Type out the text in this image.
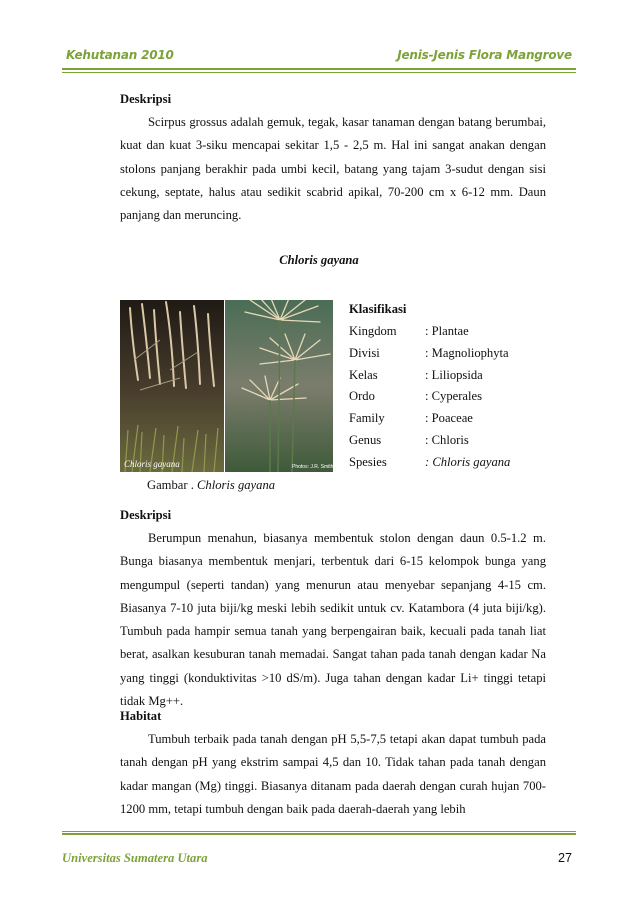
Kehutanan 2010	Jenis-Jenis Flora Mangrove

Deskripsi

Scirpus grossus adalah gemuk, tegak, kasar tanaman dengan batang berumbai, kuat dan kuat 3-siku mencapai sekitar 1,5 - 2,5 m. Hal ini sangat anakan dengan stolons panjang berakhir pada umbi kecil, batang yang tajam 3-sudut dengan sisi cekung, septate, halus atau sedikit scabrid apikal, 70-200 cm x 6-12 mm. Daun panjang dan meruncing.

Chloris gayana
Chloris gayana	Photos: J.R. Smith
Klasifikasi
Kingdom : Plantae
Divisi	: Magnoliophyta
Kelas	: Liliopsida
Ordo	: Cyperales
Family	: Poaceae
Genus	: Chloris
Spesies	: Chloris gayana
Gambar . Chloris gayana

Deskripsi

Berumpun menahun, biasanya membentuk stolon dengan daun 0.5-1.2 m. Bunga biasanya membentuk menjari, terbentuk dari 6-15 kelompok bunga yang mengumpul (seperti tandan) yang menurun atau menyebar sepanjang 4-15 cm. Biasanya 7-10 juta biji/kg meski lebih sedikit untuk cv. Katambora (4 juta biji/kg). Tumbuh pada hampir semua tanah yang berpengairan baik, kecuali pada tanah liat berat, asalkan kesuburan tanah memadai. Sangat tahan pada tanah dengan kadar Na yang tinggi (konduktivitas >10 dS/m). Juga tahan dengan kadar Li+ tinggi tetapi tidak Mg++.

Habitat

Tumbuh terbaik pada tanah dengan pH 5,5-7,5 tetapi akan dapat tumbuh pada tanah dengan pH yang ekstrim sampai 4,5 dan 10. Tidak tahan pada tanah dengan kadar mangan (Mg) tinggi. Biasanya ditanam pada daerah dengan curah hujan 700-1200 mm, tetapi tumbuh dengan baik pada daerah-daerah yang lebih

Universitas Sumatera Utara	27
